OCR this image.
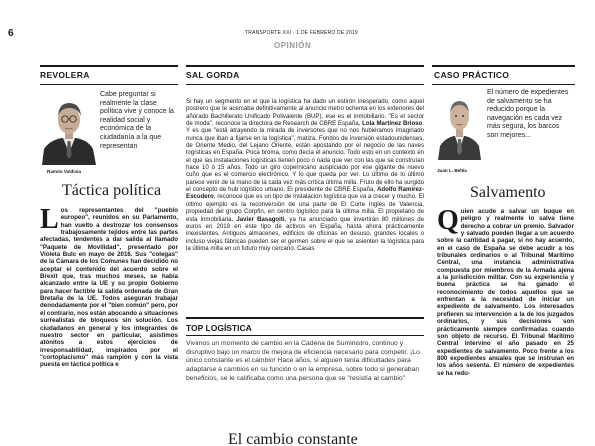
6	TRANSPORTE XXI · 1 DE FEBRERO DE 2019
OPINIÓN
REVOLERA
Ramón Valdivia
Cabe preguntar si realmente la clase política vive y conoce la realidad social y económica de la ciudadanía a la que representan
Táctica política
Los representantes del "pueblo europeo", reunidos en su Parlamento, han vuelto a destrozar los consensos trabajosamente tejidos entre las partes afectadas, tendentes a dar salida al llamado "Paquete de Movilidad", presentado por Violeta Bulc en mayo de 2016. Sus "colegas" de la Cámara de los Comunes han decidido no aceptar el contenido del acuerdo sobre el Brexit que, tras muchos meses, se había alcanzado entre la UE y su propio Gobierno para hacer factible la salida ordenada de Gran Bretaña de la UE. Todos aseguran trabajar denodadamente por el "bien común" pero, por el contrario, nos están abocando a situaciones surrealistas de bloqueos sin solución. Los ciudadanos en general y los integrantes de nuestro sector en particular, asistimos atónitos a estos ejercicios de irresponsabilidad, inspirados por el "cortoplacismo" más rampión y con la vista puesta en táctica política e
SAL GORDA
Si hay un segmento en el que la logística ha dado un estirón inesperado, como aquel postrero que te acercaba definitivamente al anuncio metro ochenta en los exteriores del añorado Bachillerato Unificado Polivalente (BUP), ese es el inmobiliario. "Es el sector de moda", reconoce la directora de Research de CBRE España, Lola Martínez Brioso. Y es que "está atrayendo la mirada de inversores que no nos hubiéramos imaginado nunca que iban a fijarse en la logística", matiza. Fondos de inversión estadounidenses, de Oriente Medio, del Lejano Oriente, están apostando por el negocio de las naves logísticas en España. Poca broma, como decía el anuncio. Todo esto en un contexto en el que las instalaciones logísticas tienen poco o nada que ver con las que se construían hace 10 ó 15 años. Todo un giro copernicano auspiciado por ese gigante de nuevo cuño que es el comercio electrónico. Y lo que queda por ver. Lo último de lo último parece venir de la mano de la cada vez más crítica última milla. Fruto de ello ha surgido el concepto de hub logístico urbano. El presidente de CBRE España, Adolfo Ramírez-Escudero, reconoce que es un tipo de instalación logística que va a crecer y mucho. El último ejemplo es la reconversión de una parte de El Corte Inglés de Valencia, propiedad del grupo Corpfin, en centro logístico para la última milla. El propietario de esta inmobiliaria, Javier Basagoiti, ya ha anunciado que invertirán 80 millones de euros en 2019 en este tipo de activos en España, hasta ahora prácticamente inexistentes. Antiguos almacenes, edificios de oficinas en desuso, grandes locales o incluso viejas fábricas pueden ser el germen sobre el que se asienten la logística para la última milla en un futuro muy cercano. Casas
TOP LOGÍSTICA
Vivimos un momento de cambio en la Cadena de Suministro, continuo y disruptivo bajo un marco de mejora de eficiencia necesario para competir. ¡Lo único constante es el cambio! Hace años, si alguien tenía dificultades para adaptarse a cambios en su función o en la empresa, sobre todo si generaban beneficios, se le calificaba como una persona que se "resistía al cambio"
El cambio constante
CASO PRÁCTICO
Juan L. Beltía
El número de expedientes de salvamento se ha reducido porque la navegación es cada vez más segura, los barcos son mejores...
Salvamento
Quien acude a salvar un buque en peligro y realmente lo salva tiene derecho a cobrar un premio. Salvador y salvado pueden llegar a un acuerdo sobre la cantidad a pagar, si no hay acuerdo, en el caso de España se debe acudir a los tribunales ordinarios o al Tribunal Marítimo Central, una instancia administrativa compuesta por miembros de la Armada ajena a la jurisdicción militar. Con su experiencia y buena práctica se ha ganado el reconocimiento de todos aquellos que se enfrentan a la necesidad de iniciar un expediente de salvamento. Los interesados prefieren su intervención a la de los juzgados ordinarios, y sus decisiones son prácticamente siempre confirmadas cuando son objeto de recurso. El Tribunal Marítimo Central intervino el año pasado en 25 expedientes de salvamento. Poco frente a los 800 expedientes anuales que se instruían en los años sesenta. El número de expedientes se ha redu-
